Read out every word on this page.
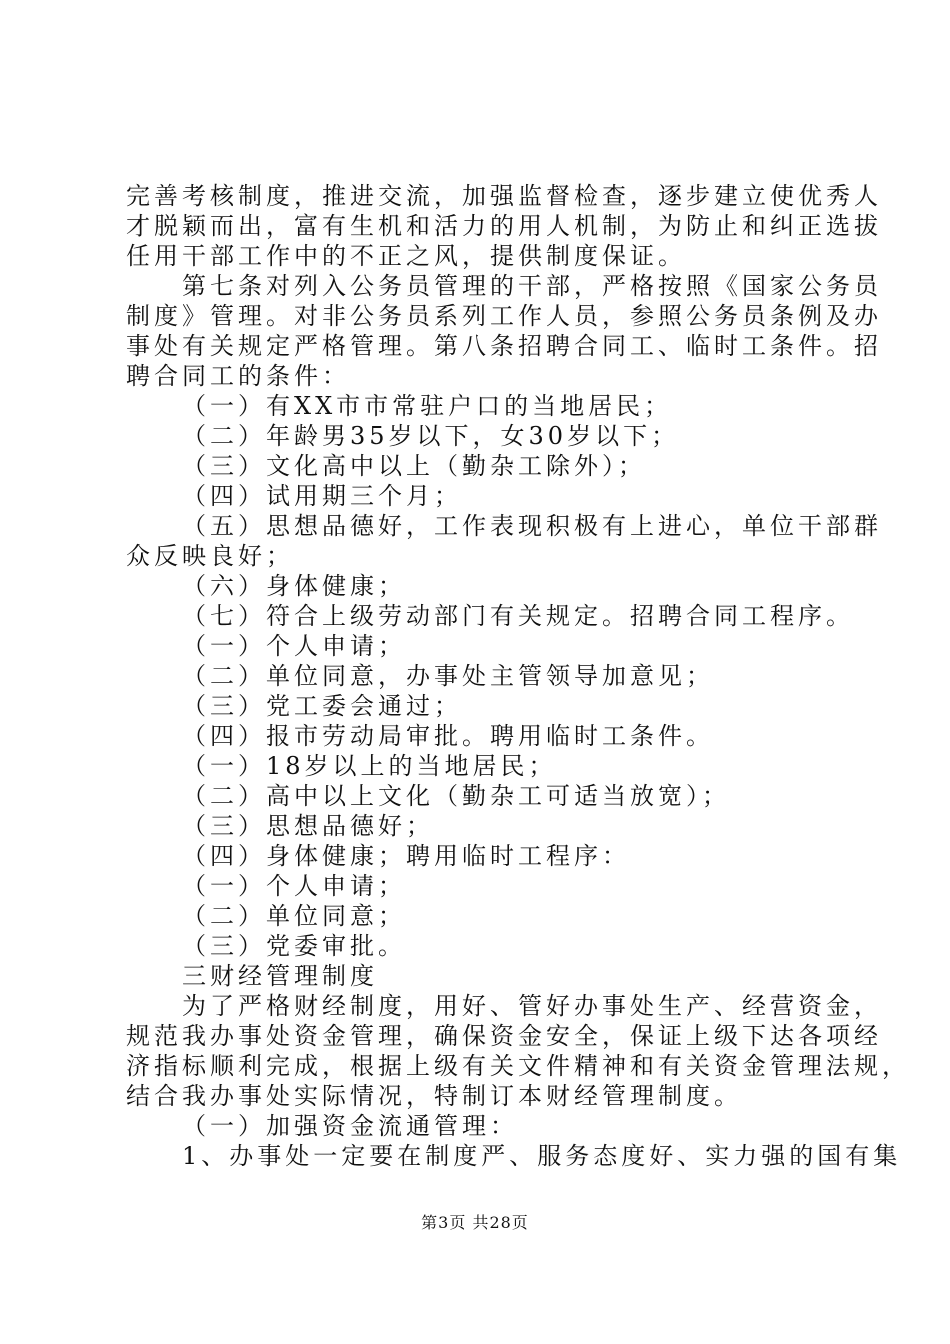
完善考核制度，推进交流，加强监督检查，逐步建立使优秀人
才脱颖而出，富有生机和活力的用人机制，为防止和纠正选拔
任用干部工作中的不正之风，提供制度保证。
第七条对列入公务员管理的干部，严格按照《国家公务员
制度》管理。对非公务员系列工作人员，参照公务员条例及办
事处有关规定严格管理。第八条招聘合同工、临时工条件。招
聘合同工的条件：
（一）有XX市市常驻户口的当地居民；
（二）年龄男35岁以下，女30岁以下；
（三）文化高中以上（勤杂工除外）；
（四）试用期三个月；
（五）思想品德好，工作表现积极有上进心，单位干部群
众反映良好；
（六）身体健康；
（七）符合上级劳动部门有关规定。招聘合同工程序。
（一）个人申请；
（二）单位同意，办事处主管领导加意见；
（三）党工委会通过；
（四）报市劳动局审批。聘用临时工条件。
（一）18岁以上的当地居民；
（二）高中以上文化（勤杂工可适当放宽）；
（三）思想品德好；
（四）身体健康；聘用临时工程序：
（一）个人申请；
（二）单位同意；
（三）党委审批。
三财经管理制度
为了严格财经制度，用好、管好办事处生产、经营资金，
规范我办事处资金管理，确保资金安全，保证上级下达各项经
济指标顺利完成，根据上级有关文件精神和有关资金管理法规，
结合我办事处实际情况，特制订本财经管理制度。
（一）加强资金流通管理：
1、办事处一定要在制度严、服务态度好、实力强的国有集
第3页 共28页
